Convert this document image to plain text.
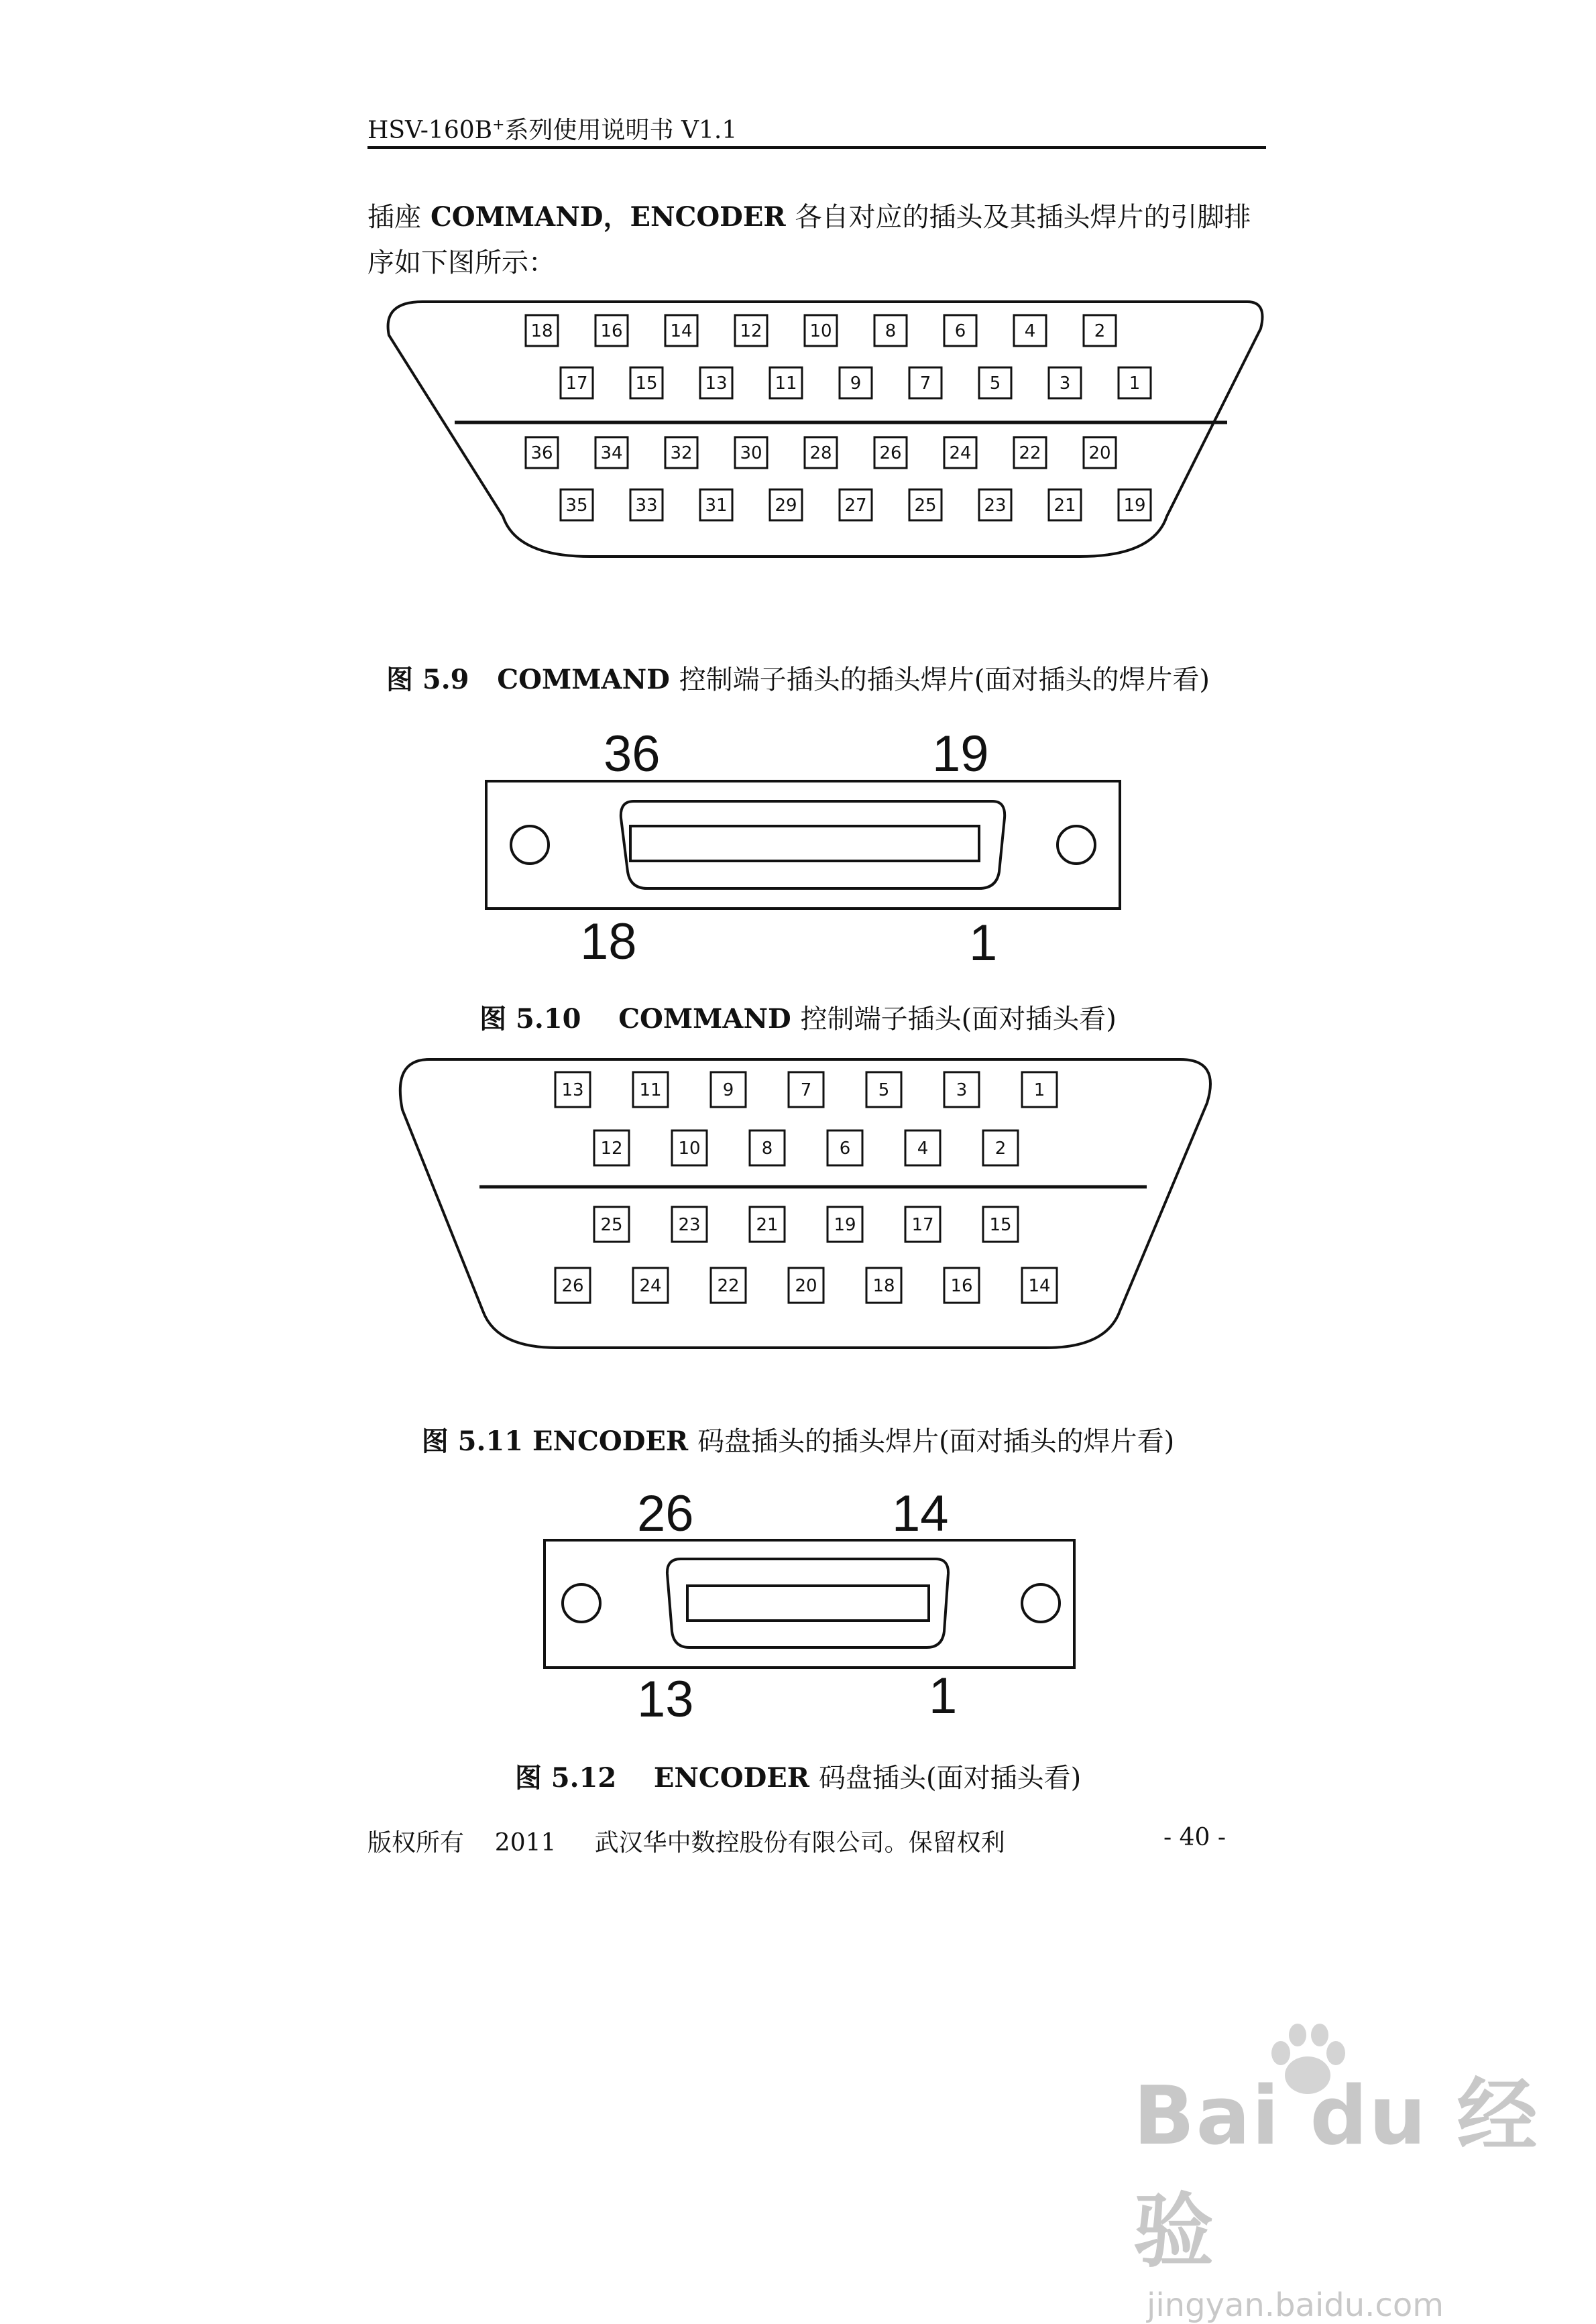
HSV-160B+系列使用说明书 V1.1
插座 COMMAND，ENCODER 各自对应的插头及其插头焊片的引脚排
序如下图所示：
18	16	14	12	10	8	6	4	2
17	15	13	11	9	7	5	3	1
36	34	32	30	28	26	24	22	20
35	33	31	29	27	25	23	21	19
图 5.9 COMMAND 控制端子插头的插头焊片(面对插头的焊片看)
36	19
18	1
图 5.10 COMMAND 控制端子插头(面对插头看)
13	11	9	7	5	3	1
12	10	8	6	4	2
25	23	21	19	17	15
26	24	22	20	18	16	14
图 5.11 ENCODER 码盘插头的插头焊片(面对插头的焊片看)
26	14
13	1
图 5.12 ENCODER 码盘插头(面对插头看)
版权所有 2011 武汉华中数控股份有限公司。保留权利	- 40 -
Bai du 经验
jingyan.baidu.com
